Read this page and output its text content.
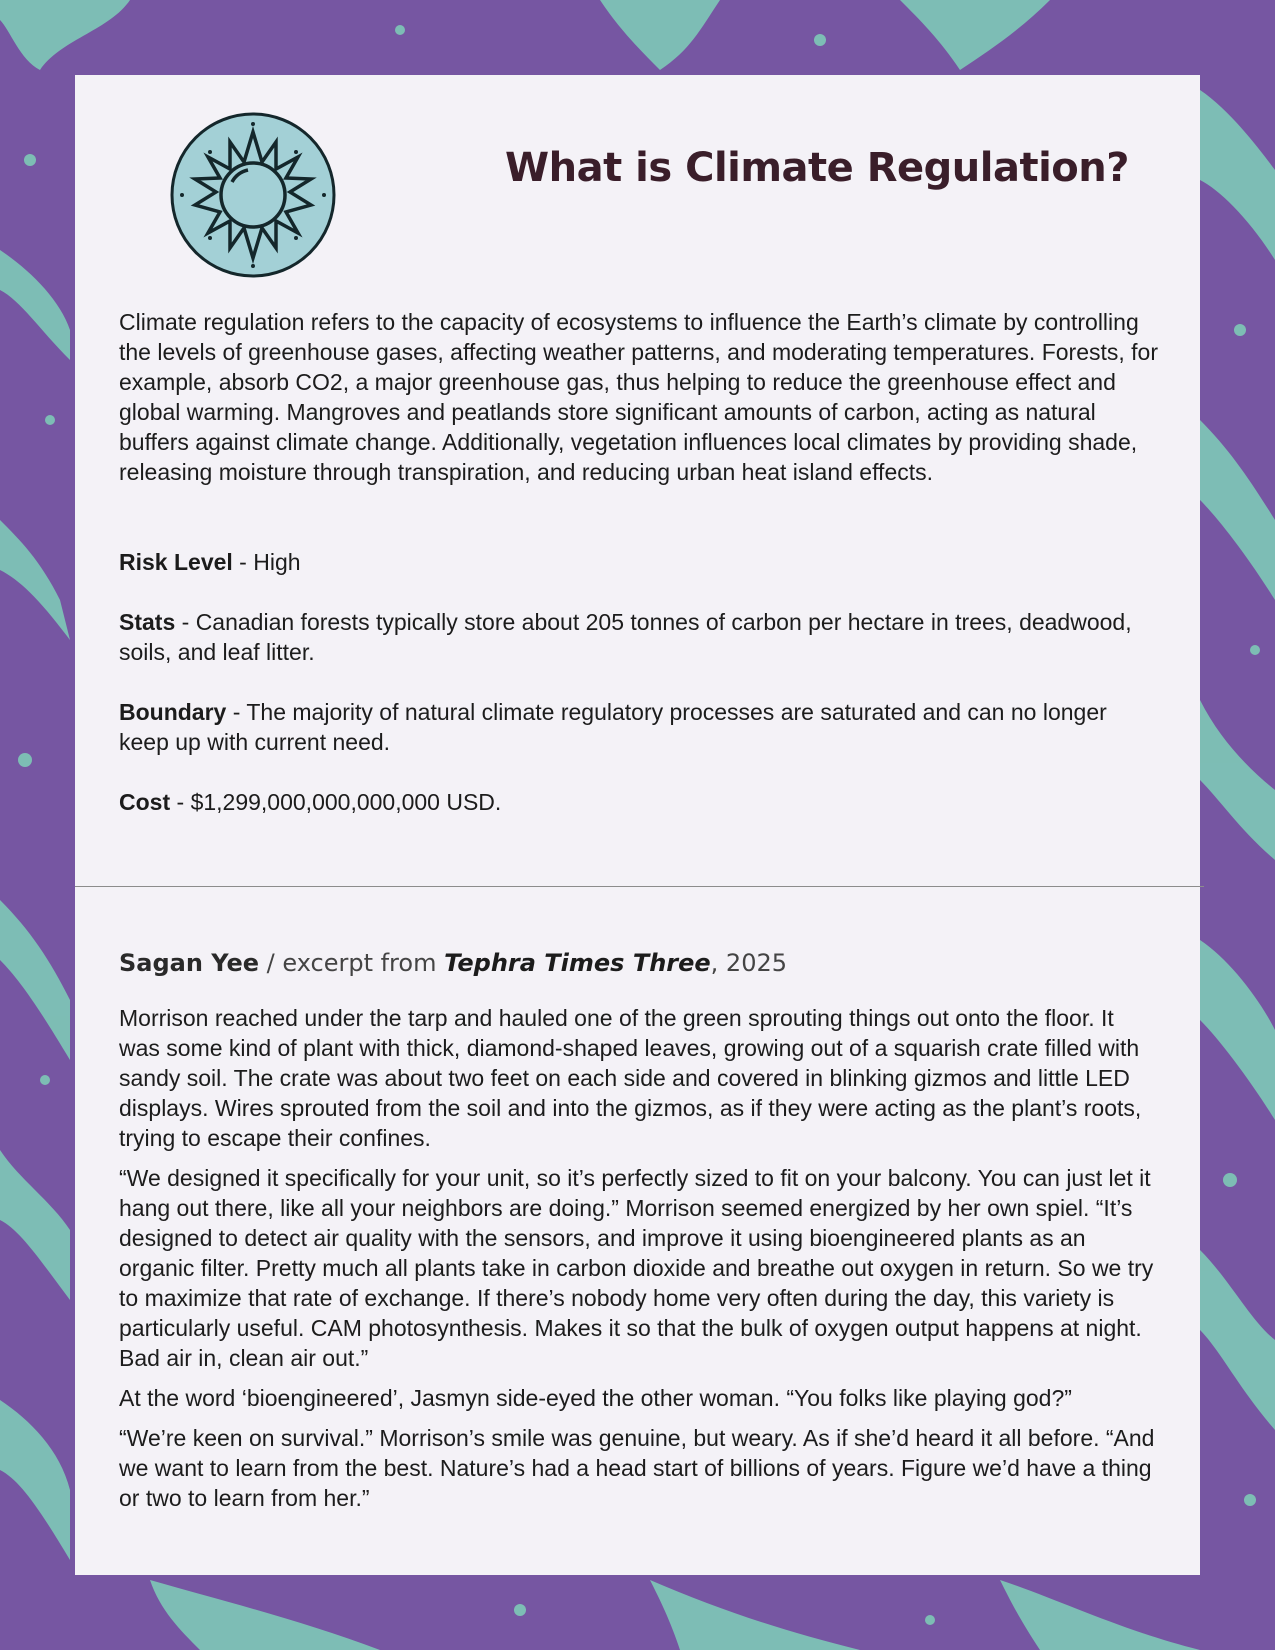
What is Climate Regulation?

Climate regulation refers to the capacity of ecosystems to influence the Earth’s climate by controlling the levels of greenhouse gases, affecting weather patterns, and moderating temperatures. Forests, for example, absorb CO2, a major greenhouse gas, thus helping to reduce the greenhouse effect and global warming. Mangroves and peatlands store significant amounts of carbon, acting as natural buffers against climate change. Additionally, vegetation influences local climates by providing shade, releasing moisture through transpiration, and reducing urban heat island effects.

Risk Level - High

Stats - Canadian forests typically store about 205 tonnes of carbon per hectare in trees, deadwood, soils, and leaf litter.

Boundary - The majority of natural climate regulatory processes are saturated and can no longer keep up with current need.

Cost - $1,299,000,000,000,000 USD.

Sagan Yee / excerpt from Tephra Times Three, 2025

Morrison reached under the tarp and hauled one of the green sprouting things out onto the floor. It was some kind of plant with thick, diamond-shaped leaves, growing out of a squarish crate filled with sandy soil. The crate was about two feet on each side and covered in blinking gizmos and little LED displays. Wires sprouted from the soil and into the gizmos, as if they were acting as the plant’s roots, trying to escape their confines.

“We designed it specifically for your unit, so it’s perfectly sized to fit on your balcony. You can just let it hang out there, like all your neighbors are doing.” Morrison seemed energized by her own spiel. “It’s designed to detect air quality with the sensors, and improve it using bioengineered plants as an organic filter. Pretty much all plants take in carbon dioxide and breathe out oxygen in return. So we try to maximize that rate of exchange. If there’s nobody home very often during the day, this variety is particularly useful. CAM photosynthesis. Makes it so that the bulk of oxygen output happens at night. Bad air in, clean air out.”

At the word ‘bioengineered’, Jasmyn side-eyed the other woman. “You folks like playing god?”

“We’re keen on survival.” Morrison’s smile was genuine, but weary. As if she’d heard it all before. “And we want to learn from the best. Nature’s had a head start of billions of years. Figure we’d have a thing or two to learn from her.”
